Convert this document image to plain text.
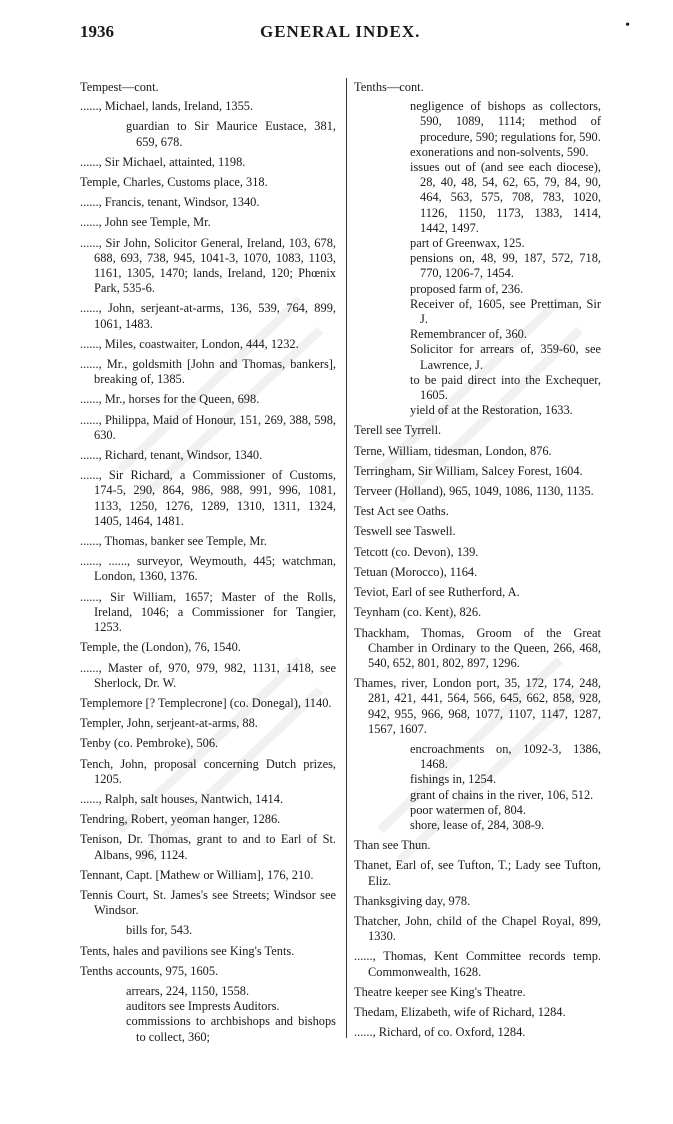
1936	GENERAL INDEX.	•
Tempest—cont.
......, Michael, lands, Ireland, 1355.
guardian to Sir Maurice Eustace, 381, 659, 678.
......, Sir Michael, attainted, 1198.
Temple, Charles, Customs place, 318.
......, Francis, tenant, Windsor, 1340.
......, John see Temple, Mr.
......, Sir John, Solicitor General, Ireland, 103, 678, 688, 693, 738, 945, 1041-3, 1070, 1083, 1103, 1161, 1305, 1470; lands, Ireland, 120; Phœnix Park, 535-6.
......, John, serjeant-at-arms, 136, 539, 764, 899, 1061, 1483.
......, Miles, coastwaiter, London, 444, 1232.
......, Mr., goldsmith [John and Thomas, bankers], breaking of, 1385.
......, Mr., horses for the Queen, 698.
......, Philippa, Maid of Honour, 151, 269, 388, 598, 630.
......, Richard, tenant, Windsor, 1340.
......, Sir Richard, a Commissioner of Customs, 174-5, 290, 864, 986, 988, 991, 996, 1081, 1133, 1250, 1276, 1289, 1310, 1311, 1324, 1405, 1464, 1481.
......, Thomas, banker see Temple, Mr.
......, ......, surveyor, Weymouth, 445; watchman, London, 1360, 1376.
......, Sir William, 1657; Master of the Rolls, Ireland, 1046; a Commissioner for Tangier, 1253.
Temple, the (London), 76, 1540.
......, Master of, 970, 979, 982, 1131, 1418, see Sherlock, Dr. W.
Templemore [? Templecrone] (co. Donegal), 1140.
Templer, John, serjeant-at-arms, 88.
Tenby (co. Pembroke), 506.
Tench, John, proposal concerning Dutch prizes, 1205.
......, Ralph, salt houses, Nantwich, 1414.
Tendring, Robert, yeoman hanger, 1286.
Tenison, Dr. Thomas, grant to and to Earl of St. Albans, 996, 1124.
Tennant, Capt. [Mathew or William], 176, 210.
Tennis Court, St. James's see Streets; Windsor see Windsor.
bills for, 543.
Tents, hales and pavilions see King's Tents.
Tenths accounts, 975, 1605.
arrears, 224, 1150, 1558.
auditors see Imprests Auditors.
commissions to archbishops and bishops to collect, 360;
Tenths—cont.
negligence of bishops as collectors, 590, 1089, 1114; method of procedure, 590; regulations for, 590.
exonerations and non-solvents, 590.
issues out of (and see each diocese), 28, 40, 48, 54, 62, 65, 79, 84, 90, 464, 563, 575, 708, 783, 1020, 1126, 1150, 1173, 1383, 1414, 1442, 1497.
part of Greenwax, 125.
pensions on, 48, 99, 187, 572, 718, 770, 1206-7, 1454.
proposed farm of, 236.
Receiver of, 1605, see Prettiman, Sir J.
Remembrancer of, 360.
Solicitor for arrears of, 359-60, see Lawrence, J.
to be paid direct into the Exchequer, 1605.
yield of at the Restoration, 1633.
Terell see Tyrrell.
Terne, William, tidesman, London, 876.
Terringham, Sir William, Salcey Forest, 1604.
Terveer (Holland), 965, 1049, 1086, 1130, 1135.
Test Act see Oaths.
Teswell see Taswell.
Tetcott (co. Devon), 139.
Tetuan (Morocco), 1164.
Teviot, Earl of see Rutherford, A.
Teynham (co. Kent), 826.
Thackham, Thomas, Groom of the Great Chamber in Ordinary to the Queen, 266, 468, 540, 652, 801, 802, 897, 1296.
Thames, river, London port, 35, 172, 174, 248, 281, 421, 441, 564, 566, 645, 662, 858, 928, 942, 955, 966, 968, 1077, 1107, 1147, 1287, 1567, 1607.
encroachments on, 1092-3, 1386, 1468.
fishings in, 1254.
grant of chains in the river, 106, 512.
poor watermen of, 804.
shore, lease of, 284, 308-9.
Than see Thun.
Thanet, Earl of, see Tufton, T.; Lady see Tufton, Eliz.
Thanksgiving day, 978.
Thatcher, John, child of the Chapel Royal, 899, 1330.
......, Thomas, Kent Committee records temp. Commonwealth, 1628.
Theatre keeper see King's Theatre.
Thedam, Elizabeth, wife of Richard, 1284.
......, Richard, of co. Oxford, 1284.
